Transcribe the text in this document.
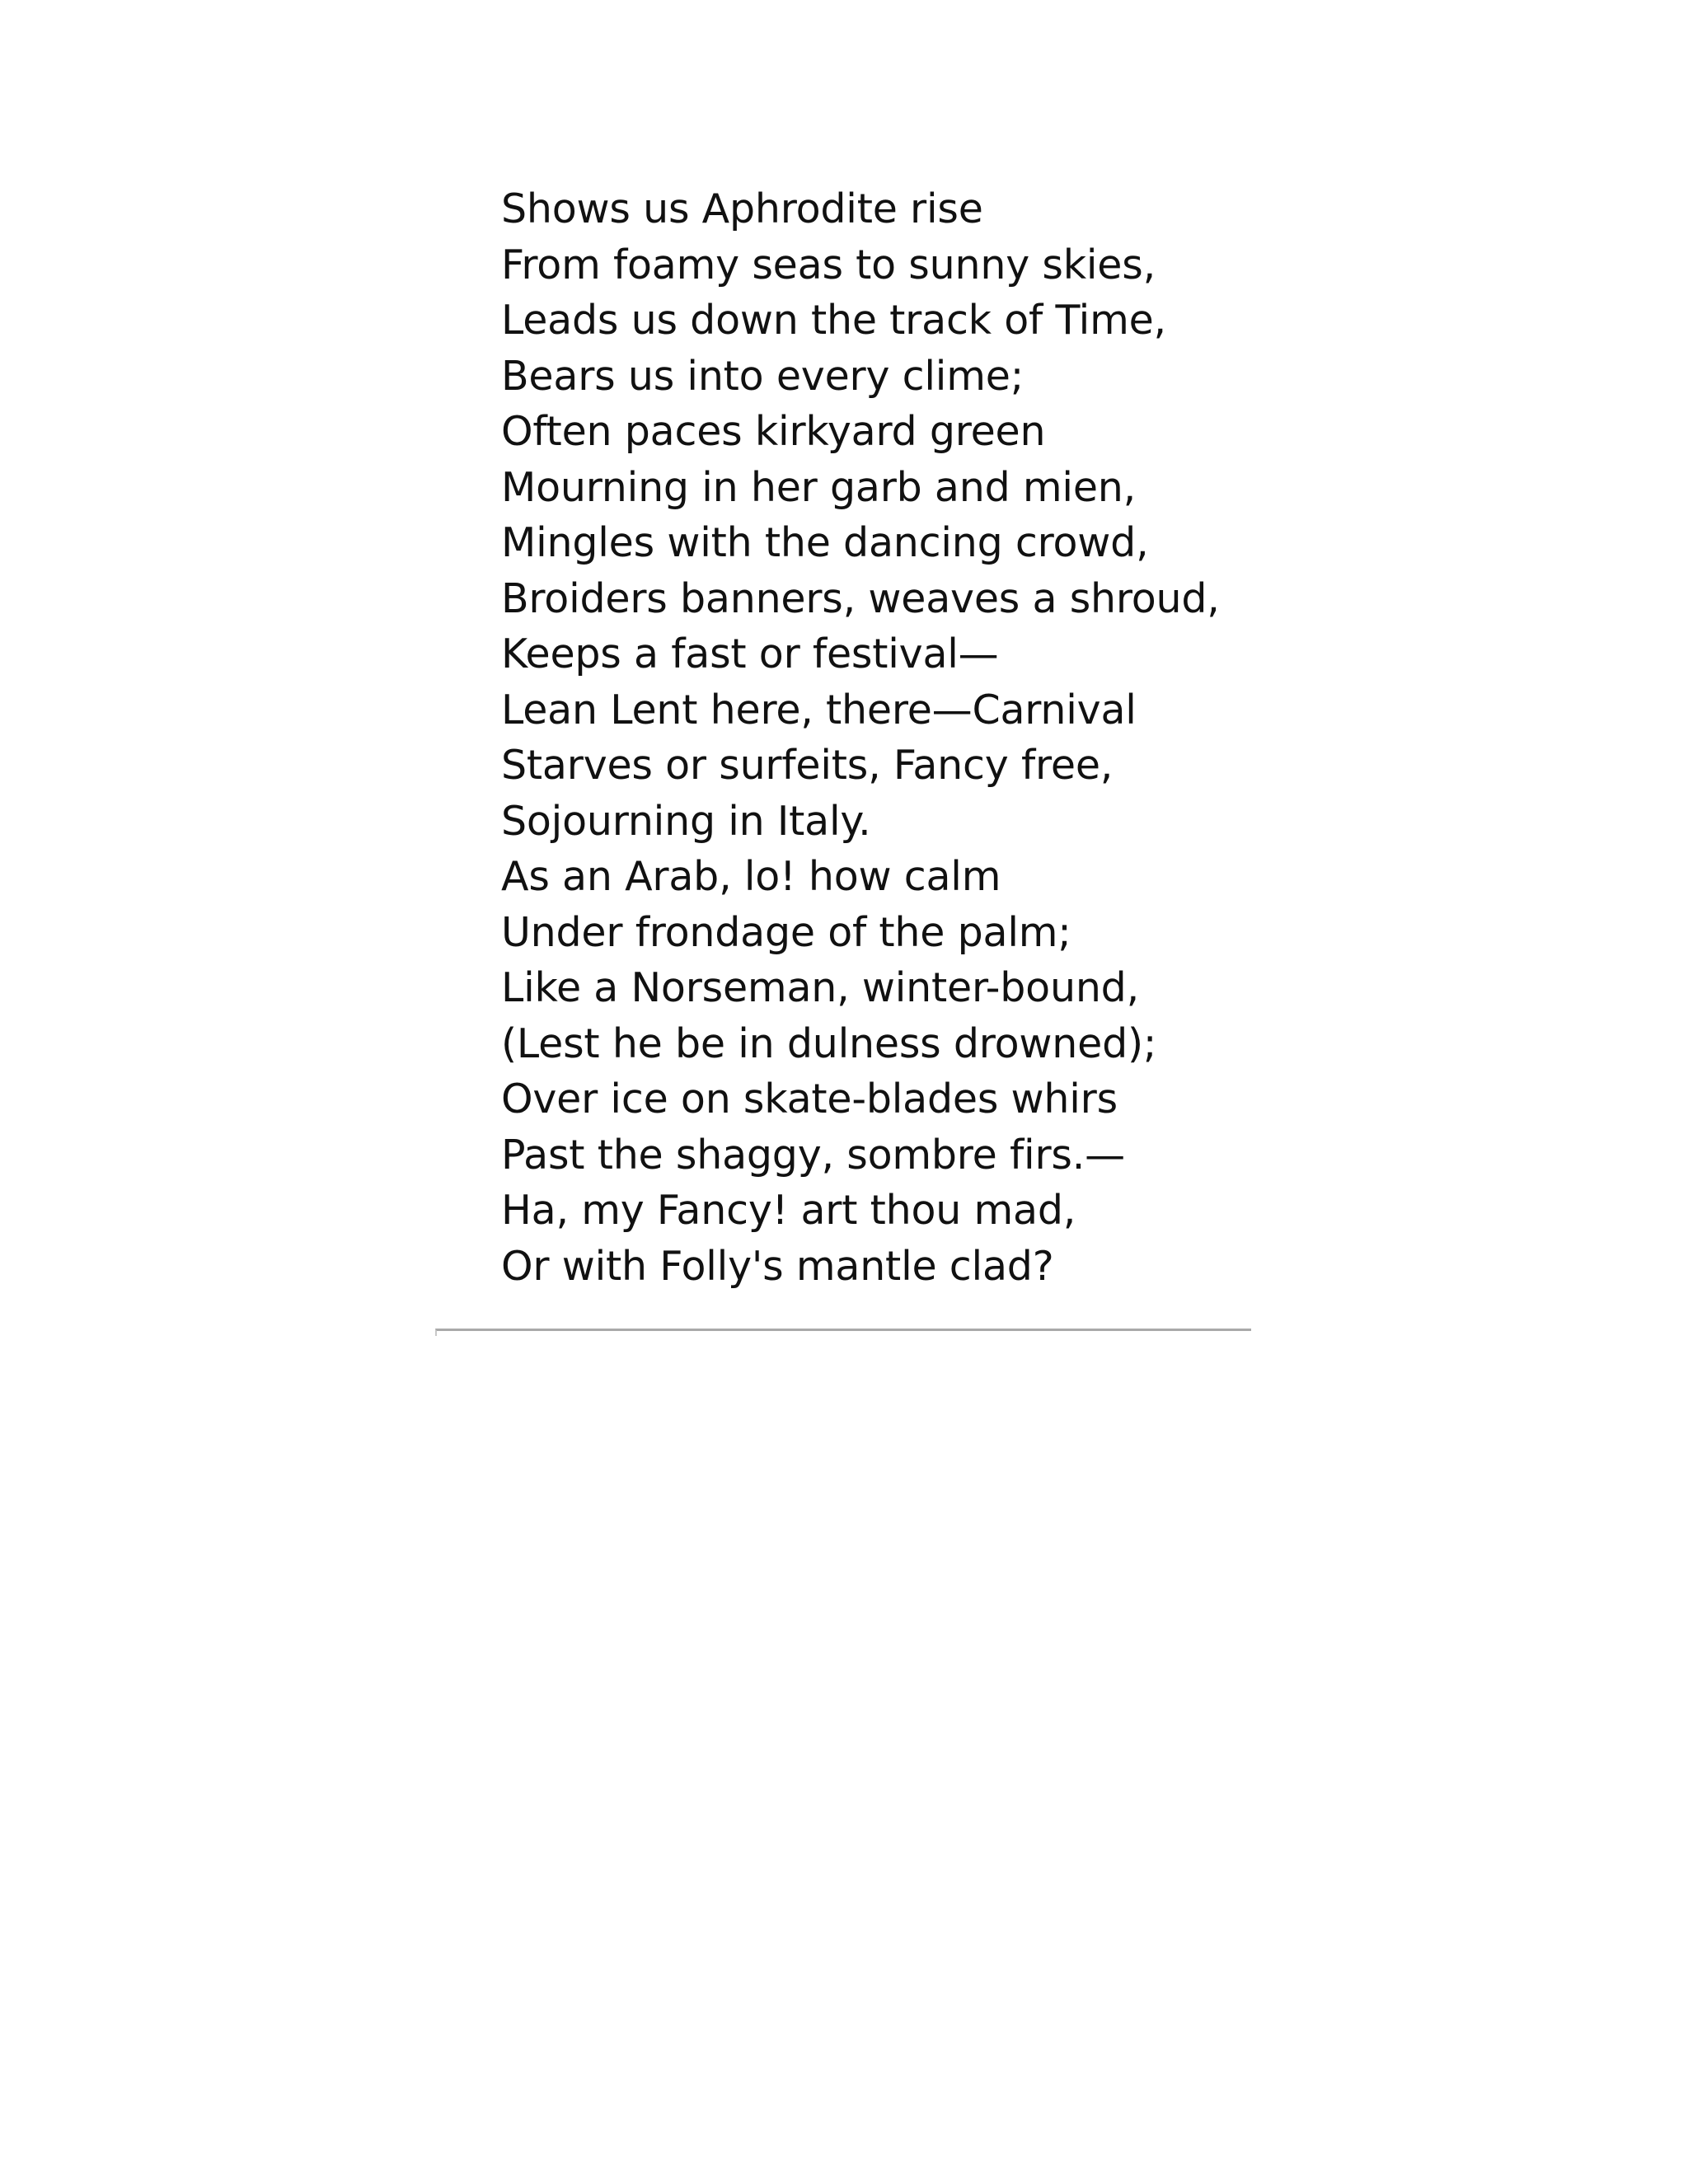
Shows us Aphrodite rise
From foamy seas to sunny skies,
Leads us down the track of Time,
Bears us into every clime;
Often paces kirkyard green
Mourning in her garb and mien,
Mingles with the dancing crowd,
Broiders banners, weaves a shroud,
Keeps a fast or festival—
Lean Lent here, there—Carnival
Starves or surfeits, Fancy free,
Sojourning in Italy.
As an Arab, lo! how calm
Under frondage of the palm;
Like a Norseman, winter-bound,
(Lest he be in dulness drowned);
Over ice on skate-blades whirs
Past the shaggy, sombre firs.—
Ha, my Fancy! art thou mad,
Or with Folly's mantle clad?
